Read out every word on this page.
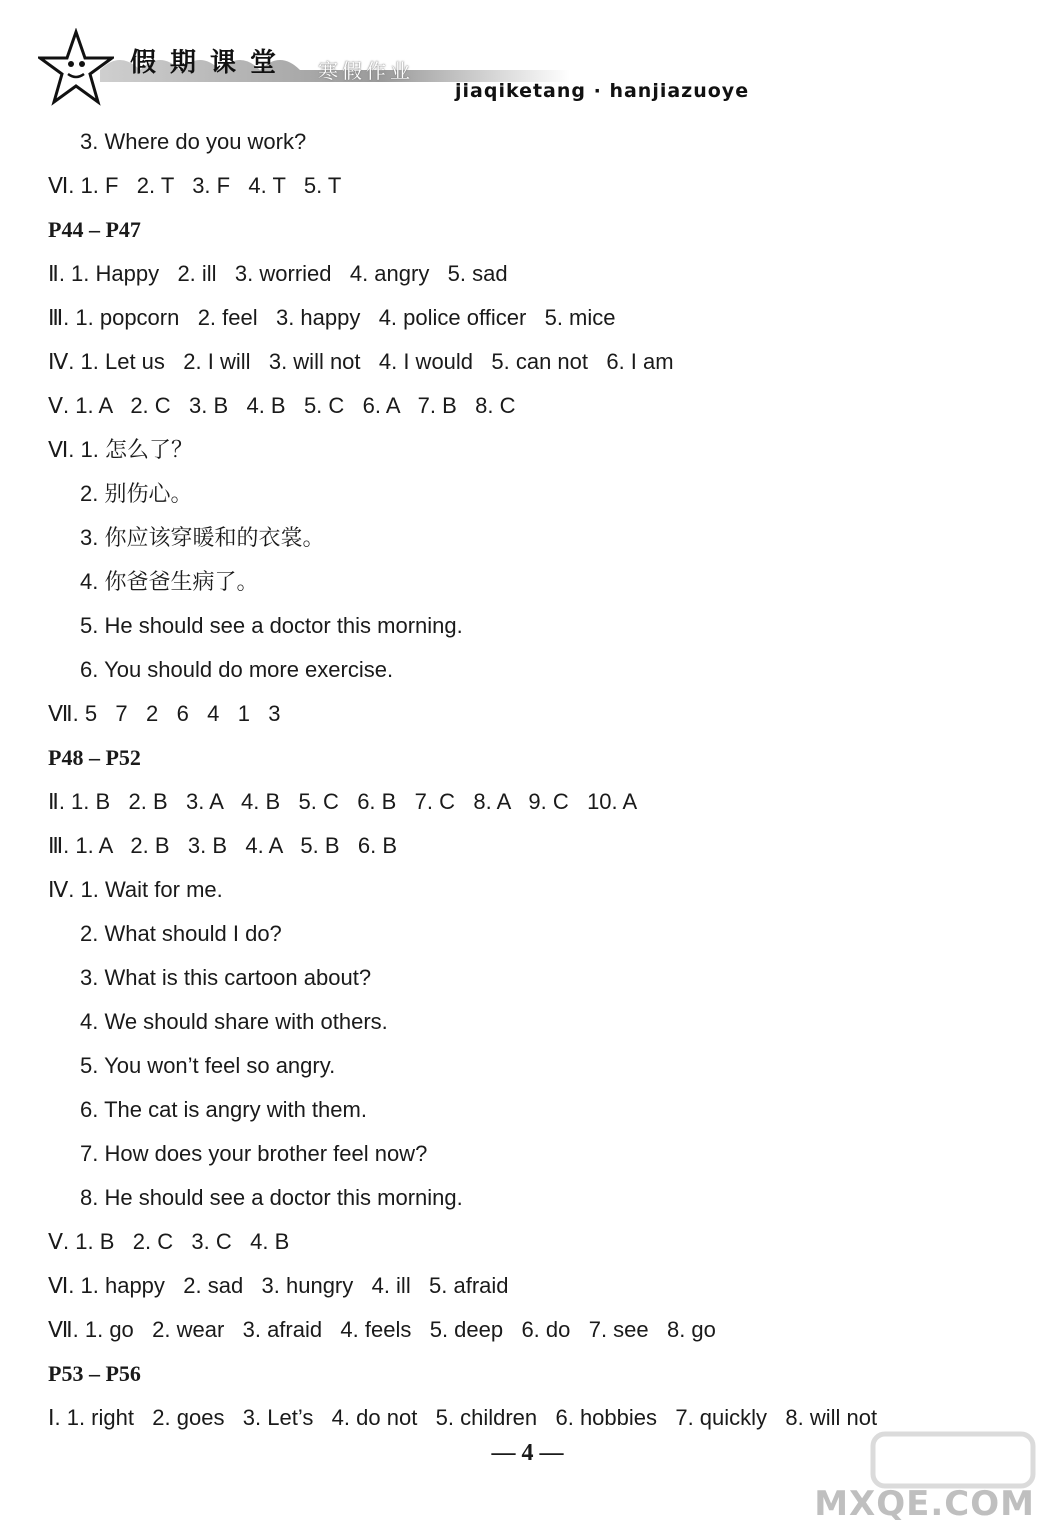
假期课堂 寒假作业
jiaqiketang · hanjiazuoye
3. Where do you work?
Ⅵ. 1. F   2. T   3. F   4. T   5. T
P44 – P47
Ⅱ. 1. Happy   2. ill   3. worried   4. angry   5. sad
Ⅲ. 1. popcorn   2. feel   3. happy   4. police officer   5. mice
Ⅳ. 1. Let us   2. I will   3. will not   4. I would   5. can not   6. I am
Ⅴ. 1. A   2. C   3. B   4. B   5. C   6. A   7. B   8. C
Ⅵ. 1. 怎么了？
2. 别伤心。
3. 你应该穿暖和的衣裳。
4. 你爸爸生病了。
5. He should see a doctor this morning.
6. You should do more exercise.
Ⅶ. 5   7   2   6   4   1   3
P48 – P52
Ⅱ. 1. B   2. B   3. A   4. B   5. C   6. B   7. C   8. A   9. C   10. A
Ⅲ. 1. A   2. B   3. B   4. A   5. B   6. B
Ⅳ. 1. Wait for me.
2. What should I do?
3. What is this cartoon about?
4. We should share with others.
5. You won’t feel so angry.
6. The cat is angry with them.
7. How does your brother feel now?
8. He should see a doctor this morning.
Ⅴ. 1. B   2. C   3. C   4. B
Ⅵ. 1. happy   2. sad   3. hungry   4. ill   5. afraid
Ⅶ. 1. go   2. wear   3. afraid   4. feels   5. deep   6. do   7. see   8. go
P53 – P56
Ⅰ. 1. right   2. goes   3. Let’s   4. do not   5. children   6. hobbies   7. quickly   8. will not
— 4 —
MXQE.COM
